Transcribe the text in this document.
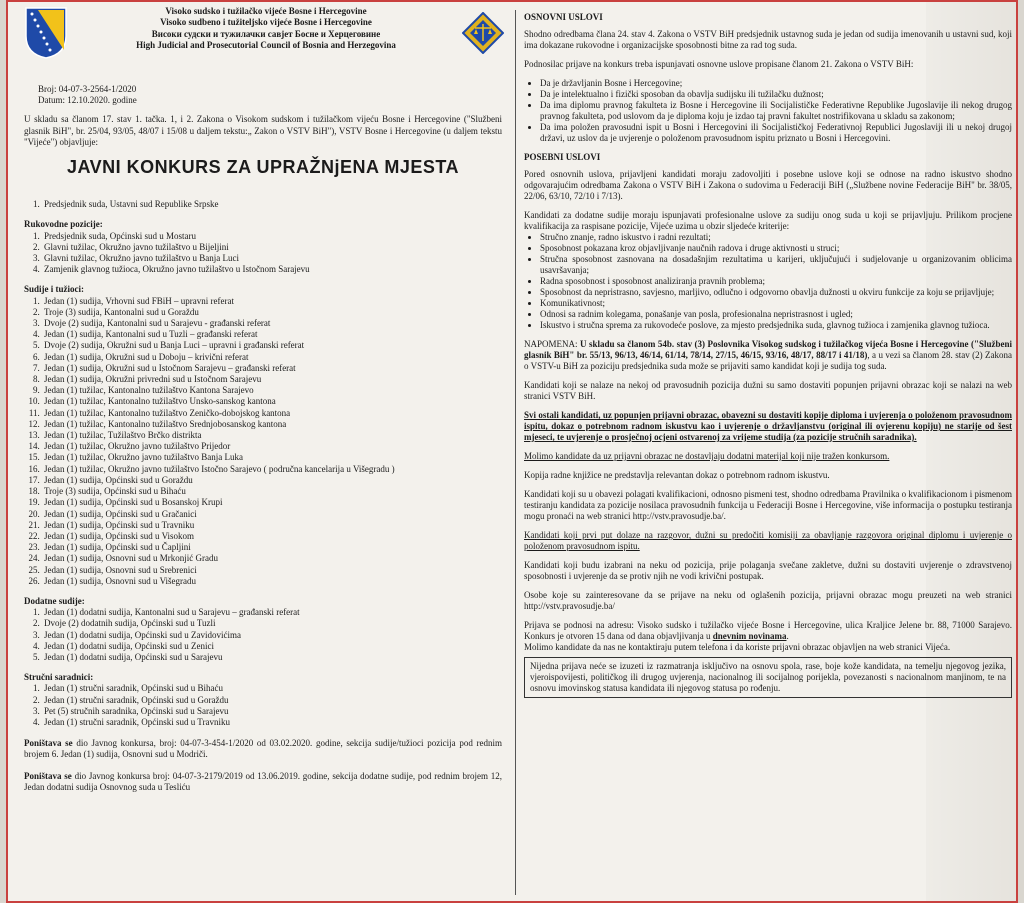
Visoko sudsko i tužilačko vijeće Bosne i Hercegovine
Visoko sudbeno i tužiteljsko vijeće Bosne i Hercegovine
Високи судски и тужилачки савјет Босне и Херцеговине
High Judicial and Prosecutorial Council of Bosnia and Herzegovina
Broj: 04-07-3-2564-1/2020
Datum: 12.10.2020. godine
U skladu sa članom 17. stav 1. tačka. 1, i 2. Zakona o Visokom sudskom i tužilačkom vijeću Bosne i Hercegovine ("Službeni glasnik BiH", br. 25/04, 93/05, 48/07 i 15/08 u daljem tekstu:„ Zakon o VSTV BiH"), VSTV Bosne i Hercegovine (u daljem tekstu "Vijeće") objavljuje:
JAVNI KONKURS ZA UPRAŽNjENA MJESTA
1. Predsjednik suda, Ustavni sud Republike Srpske
Rukovodne pozicije:
1. Predsjednik suda, Općinski sud u Mostaru
2. Glavni tužilac, Okružno javno tužilaštvo u Bijeljini
3. Glavni tužilac, Okružno javno tužilaštvo u Banja Luci
4. Zamjenik glavnog tužioca, Okružno javno tužilaštvo u Istočnom Sarajevu
Sudije i tužioci:
1. Jedan (1) sudija, Vrhovni sud FBiH – upravni referat
2. Troje (3) sudija, Kantonalni sud u Goraždu
3. Dvoje (2) sudija, Kantonalni sud u Sarajevu - građanski referat
4. Jedan (1) sudija, Kantonalni sud u Tuzli – građanski referat
5. Dvoje (2) sudija, Okružni sud u Banja Luci – upravni i građanski referat
6. Jedan (1) sudija, Okružni sud u Doboju – krivični referat
7. Jedan (1) sudija, Okružni sud u Istočnom Sarajevu – građanski referat
8. Jedan (1) sudija, Okružni privredni sud u Istočnom Sarajevu
9. Jedan (1) tužilac, Kantonalno tužilaštvo Kantona Sarajevo
10. Jedan (1) tužilac, Kantonalno tužilaštvo Unsko-sanskog kantona
11. Jedan (1) tužilac, Kantonalno tužilaštvo Zeničko-dobojskog kantona
12. Jedan (1) tužilac, Kantonalno tužilaštvo Srednjobosanskog kantona
13. Jedan (1) tužilac, Tužilaštvo Brčko distrikta
14. Jedan (1) tužilac, Okružno javno tužilaštvo Prijedor
15. Jedan (1) tužilac, Okružno javno tužilaštvo Banja Luka
16. Jedan (1) tužilac, Okružno javno tužilaštvo Istočno Sarajevo ( područna kancelarija u Višegradu )
17. Jedan (1) sudija, Općinski sud u Goraždu
18. Troje (3) sudija, Općinski sud u Bihaću
19. Jedan (1) sudija, Općinski sud u Bosanskoj Krupi
20. Jedan (1) sudija, Općinski sud u Gračanici
21. Jedan (1) sudija, Općinski sud u Travniku
22. Jedan (1) sudija, Općinski sud u Visokom
23. Jedan (1) sudija, Općinski sud u Čapljini
24. Jedan (1) sudija, Osnovni sud u Mrkonjić Gradu
25. Jedan (1) sudija, Osnovni sud u Srebrenici
26. Jedan (1) sudija, Osnovni sud u Višegradu
Dodatne sudije:
1. Jedan (1) dodatni sudija, Kantonalni sud u Sarajevu – građanski referat
2. Dvoje (2) dodatnih sudija, Općinski sud u Tuzli
3. Jedan (1) dodatni sudija, Općinski sud u Zavidovićima
4. Jedan (1) dodatni sudija, Općinski sud u Zenici
5. Jedan (1) dodatni sudija, Općinski sud u Sarajevu
Stručni saradnici:
1. Jedan (1) stručni saradnik, Općinski sud u Bihaću
2. Jedan (1) stručni saradnik, Općinski sud u Goraždu
3. Pet (5) stručnih saradnika, Općinski sud u Sarajevu
4. Jedan (1) stručni saradnik, Općinski sud u Travniku
Poništava se dio Javnog konkursa, broj: 04-07-3-454-1/2020 od 03.02.2020. godine, sekcija sudije/tužioci pozicija pod rednim brojem 6. Jedan (1) sudija, Osnovni sud u Modriči.
Poništava se dio Javnog konkursa broj: 04-07-3-2179/2019 od 13.06.2019. godine, sekcija dodatne sudije, pod rednim brojem 12, Jedan dodatni sudija Osnovnog suda u Tesliću
OSNOVNI USLOVI

Shodno odredbama člana 24. stav 4. Zakona o VSTV BiH predsjednik ustavnog suda je jedan od sudija imenovanih u ustavni sud, koji ima dokazane rukovodne i organizacijske sposobnosti bitne za rad tog suda.

Podnosilac prijave na konkurs treba ispunjavati osnovne uslove propisane članom 21. Zakona o VSTV BiH:

• Da je državljanin Bosne i Hercegovine;
• Da je intelektualno i fizički sposoban da obavlja sudijsku ili tužilačku dužnost;
• Da ima diplomu pravnog fakulteta iz Bosne i Hercegovine ili Socijalističke Federativne Republike Jugoslavije ili nekog drugog pravnog fakulteta, pod uslovom da je diploma koju je izdao taj pravni fakultet nostrifikovana u skladu sa zakonom;
• Da ima položen pravosudni ispit u Bosni i Hercegovini ili Socijalističkoj Federativnoj Republici Jugoslaviji ili u nekoj drugoj državi, uz uslov da je uvjerenje o položenom pravosudnom ispitu priznato u Bosni i Hercegovini.
POSEBNI USLOVI

Pored osnovnih uslova, prijavljeni kandidati moraju zadovoljiti i posebne uslove koji se odnose na radno iskustvo shodno odgovarajućim odredbama Zakona o VSTV BiH i Zakona o sudovima u Federaciji BiH („Službene novine Federacije BiH" br. 38/05, 22/06, 63/10, 72/10 i 7/13).

Kandidati za dodatne sudije moraju ispunjavati profesionalne uslove za sudiju onog suda u koji se prijavljuju. Prilikom procjene kvalifikacija za raspisane pozicije, Vijeće uzima u obzir sljedeće kriterije:

• Stručno znanje, radno iskustvo i radni rezultati;
• Sposobnost pokazana kroz objavljivanje naučnih radova i druge aktivnosti u struci;
• Stručna sposobnost zasnovana na dosadašnjim rezultatima u karijeri, uključujući i sudjelovanje u organizovanim oblicima usavršavanja;
• Radna sposobnost i sposobnost analiziranja pravnih problema;
• Sposobnost da nepristrasno, savjesno, marljivo, odlučno i odgovorno obavlja dužnosti u okviru funkcije za koju se prijavljuje;
• Komunikativnost;
• Odnosi sa radnim kolegama, ponašanje van posla, profesionalna nepristrasnost i ugled;
• Iskustvo i stručna sprema za rukovodeće poslove, za mjesto predsjednika suda, glavnog tužioca i zamjenika glavnog tužioca.

NAPOMENA: U skladu sa članom 54b. stav (3) Poslovnika Visokog sudskog i tužilačkog vijeća Bosne i Hercegovine ("Službeni glasnik BiH" br. 55/13, 96/13, 46/14, 61/14, 78/14, 27/15, 46/15, 93/16, 48/17, 88/17 i 41/18), a u vezi sa članom 28. stav (2) Zakona o VSTV-u BiH za poziciju predsjednika suda može se prijaviti samo kandidat koji je sudija tog suda.

Kandidati koji se nalaze na nekoj od pravosudnih pozicija dužni su samo dostaviti popunjen prijavni obrazac koji se nalazi na web stranici VSTV BiH.

Svi ostali kandidati, uz popunjen prijavni obrazac, obavezni su dostaviti kopije diploma i uvjerenja o položenom pravosudnom ispitu, dokaz o potrebnom radnom iskustvu kao i uvjerenje o državljanstvu (original ili ovjerenu kopiju) ne starije od šest mjeseci, te uvjerenje o prosječnoj ocjeni ostvarenoj za vrijeme studija (za pozicije stručnih saradnika).

Molimo kandidate da uz prijavni obrazac ne dostavljaju dodatni materijal koji nije tražen konkursom.

Kopija radne knjižice ne predstavlja relevantan dokaz o potrebnom radnom iskustvu.

Kandidati koji su u obavezi polagati kvalifikacioni, odnosno pismeni test, shodno odredbama Pravilnika o kvalifikacionom i pismenom testiranju kandidata za pozicije nosilaca pravosudnih funkcija u Federaciji Bosne i Hercegovine, više informacija o postupku testiranja mogu pronaći na web stranici http://vstv.pravosudje.ba/.

Kandidati koji prvi put dolaze na razgovor, dužni su predočiti komisiji za obavljanje razgovora original diplomu i uvjerenje o položenom pravosudnom ispitu.

Kandidati koji budu izabrani na neku od pozicija, prije polaganja svečane zakletve, dužni su dostaviti uvjerenje o zdravstvenoj sposobnosti i uvjerenje da se protiv njih ne vodi krivični postupak.

Osobe koje su zainteresovane da se prijave na neku od oglašenih pozicija, prijavni obrazac mogu preuzeti na web stranici http://vstv.pravosudje.ba/

Prijava se podnosi na adresu: Visoko sudsko i tužilačko vijeće Bosne i Hercegovine, ulica Kraljice Jelene br. 88, 71000 Sarajevo. Konkurs je otvoren 15 dana od dana objavljivanja u dnevnim novinama.
Molimo kandidate da nas ne kontaktiraju putem telefona i da koriste prijavni obrazac objavljen na web stranici Vijeća.

Nijedna prijava neće se izuzeti iz razmatranja isključivo na osnovu spola, rase, boje kože kandidata, na temelju njegovog jezika, vjeroispovijesti, političkog ili drugog uvjerenja, nacionalnog ili socijalnog porijekla, povezanosti s nacionalnom manjinom, te na osnovu imovinskog statusa kandidata ili njegovog statusa po rođenju.
